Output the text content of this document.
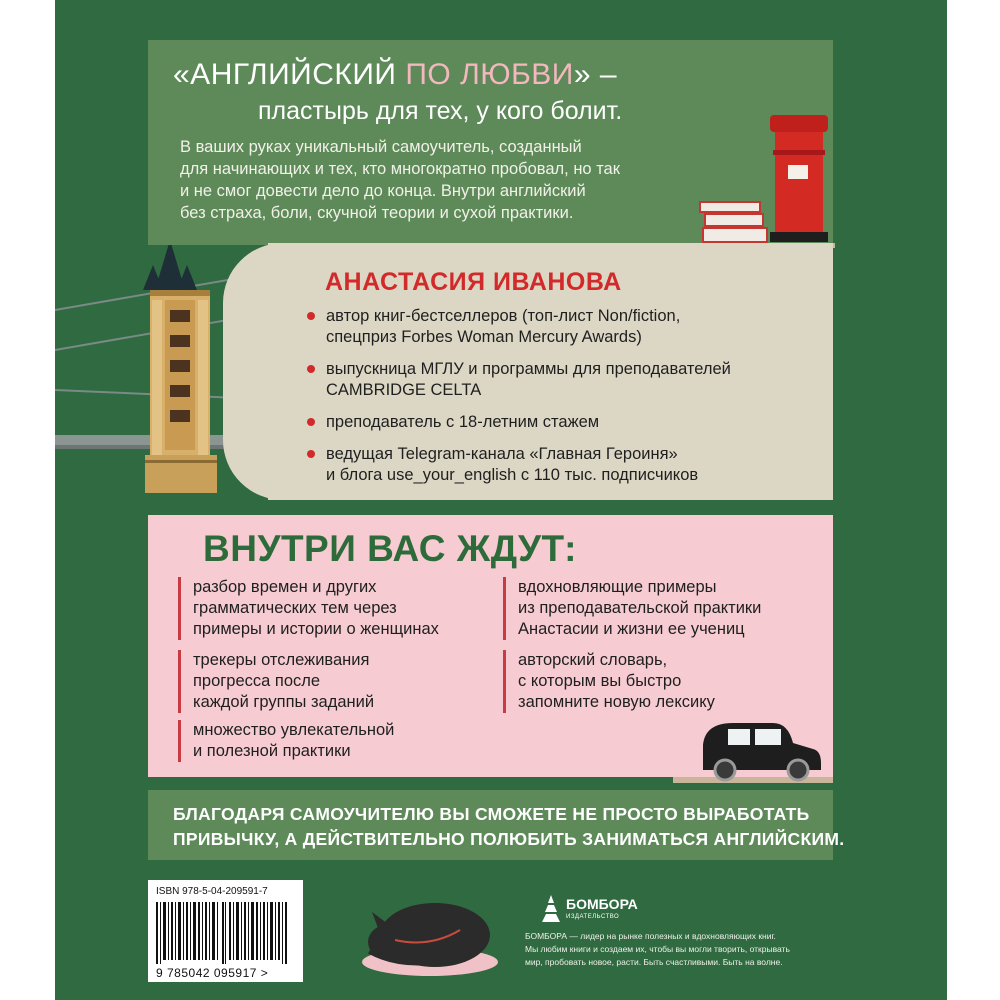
«АНГЛИЙСКИЙ ПО ЛЮБВИ» –
пластырь для тех, у кого болит.
В ваших руках уникальный самоучитель, созданный
для начинающих и тех, кто многократно пробовал, но так
и не смог довести дело до конца. Внутри английский
без страха, боли, скучной теории и сухой практики.
АНАСТАСИЯ ИВАНОВА
автор книг-бестселлеров (топ-лист Non/fiction,
спецприз Forbes Woman Mercury Awards)
выпускница МГЛУ и программы для преподавателей
CAMBRIDGE CELTA
преподаватель с 18-летним стажем
ведущая Telegram-канала «Главная Героиня»
и блога use_your_english с 110 тыс. подписчиков
ВНУТРИ ВАС ЖДУТ:
разбор времен и других
грамматических тем через
примеры и истории о женщинах
трекеры отслеживания
прогресса после
каждой группы заданий
множество увлекательной
и полезной практики
вдохновляющие примеры
из преподавательской практики
Анастасии и жизни ее учениц
авторский словарь,
с которым вы быстро
запомните новую лексику
БЛАГОДАРЯ САМОУЧИТЕЛЮ ВЫ СМОЖЕТЕ НЕ ПРОСТО ВЫРАБОТАТЬ
ПРИВЫЧКУ, А ДЕЙСТВИТЕЛЬНО ПОЛЮБИТЬ ЗАНИМАТЬСЯ АНГЛИЙСКИМ.
ISBN 978-5-04-209591-7
9 785042 095917 >
БОМБОРА
ИЗДАТЕЛЬСТВО
БОМБОРА — лидер на рынке полезных и вдохновляющих книг.
Мы любим книги и создаем их, чтобы вы могли творить, открывать
мир, пробовать новое, расти. Быть счастливыми. Быть на волне.
